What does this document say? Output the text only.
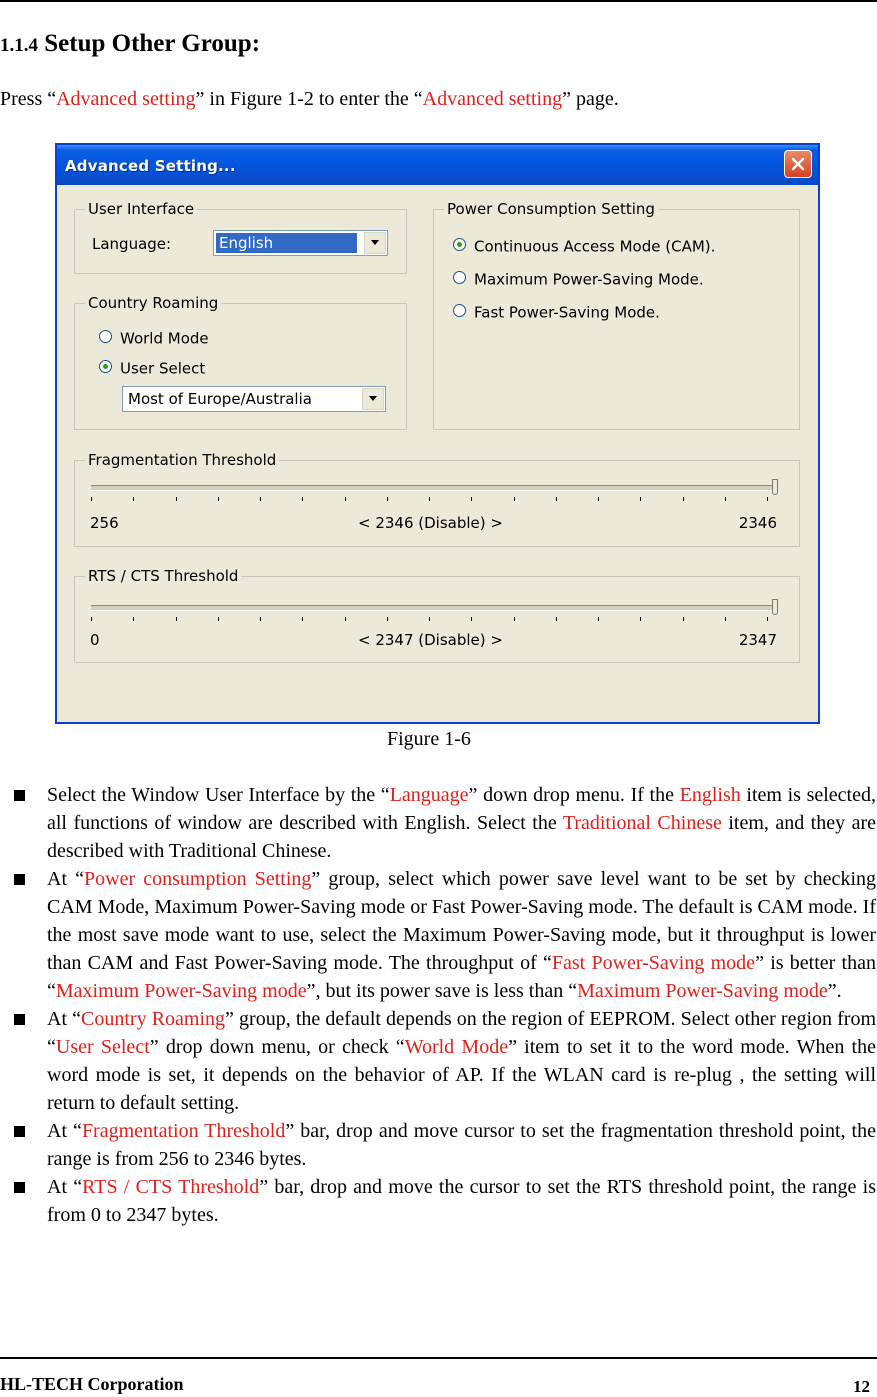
1.1.4 Setup Other Group:
Press “Advanced setting” in Figure 1-2 to enter the “Advanced setting” page.
Advanced Setting...
User Interface
Language:	English
Country Roaming
World Mode
User Select
Most of Europe/Australia
Power Consumption Setting
Continuous Access Mode (CAM).
Maximum Power-Saving Mode.
Fast Power-Saving Mode.
Fragmentation Threshold
256	< 2346 (Disable) >	2346
RTS / CTS Threshold
0	< 2347 (Disable) >	2347
Figure 1-6
Select the Window User Interface by the “Language” down drop menu. If the English item is selected, all functions of window are described with English. Select the Traditional Chinese item, and they are described with Traditional Chinese.
At “Power consumption Setting” group, select which power save level want to be set by checking CAM Mode, Maximum Power-Saving mode or Fast Power-Saving mode. The default is CAM mode. If the most save mode want to use, select the Maximum Power-Saving mode, but it throughput is lower than CAM and Fast Power-Saving mode. The throughput of “Fast Power-Saving mode” is better than “Maximum Power-Saving mode”, but its power save is less than “Maximum Power-Saving mode”.
At “Country Roaming” group, the default depends on the region of EEPROM. Select other region from “User Select” drop down menu, or check “World Mode” item to set it to the word mode. When the word mode is set, it depends on the behavior of AP. If the WLAN card is re-plug , the setting will return to default setting.
At “Fragmentation Threshold” bar, drop and move cursor to set the fragmentation threshold point, the range is from 256 to 2346 bytes.
At “RTS / CTS Threshold” bar, drop and move the cursor to set the RTS threshold point, the range is from 0 to 2347 bytes.
HL-TECH Corporation	12
